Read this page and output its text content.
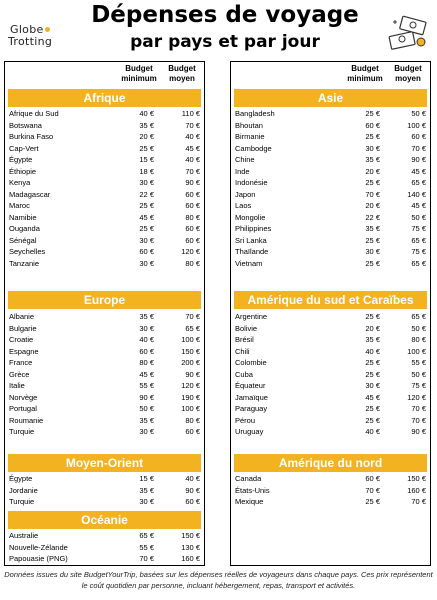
Globe
Trotting
Dépenses de voyage
par pays et par jour
Budget minimum
Budget moyen
Afrique
Afrique du Sud	40 €	110 €
Botswana	35 €	70 €
Burkina Faso	20 €	40 €
Cap-Vert	25 €	45 €
Égypte	15 €	40 €
Éthiopie	18 €	70 €
Kenya	30 €	90 €
Madagascar	22 €	60 €
Maroc	25 €	60 €
Namibie	45 €	80 €
Ouganda	25 €	60 €
Sénégal	30 €	60 €
Seychelles	60 €	120 €
Tanzanie	30 €	80 €
Europe
Albanie	35 €	70 €
Bulgarie	30 €	65 €
Croatie	40 €	100 €
Espagne	60 €	150 €
France	80 €	200 €
Grèce	45 €	90 €
Italie	55 €	120 €
Norvège	90 €	190 €
Portugal	50 €	100 €
Roumanie	35 €	80 €
Turquie	30 €	60 €
Moyen-Orient
Égypte	15 €	40 €
Jordanie	35 €	90 €
Turquie	30 €	60 €
Océanie
Australie	65 €	150 €
Nouvelle-Zélande	55 €	130 €
Papouasie (PNG)	70 €	160 €
Budget minimum
Budget moyen
Asie
Bangladesh	25 €	50 €
Bhoutan	60 €	100 €
Birmanie	25 €	60 €
Cambodge	30 €	70 €
Chine	35 €	90 €
Inde	20 €	45 €
Indonésie	25 €	65 €
Japon	70 €	140 €
Laos	20 €	45 €
Mongolie	22 €	50 €
Philippines	35 €	75 €
Sri Lanka	25 €	65 €
Thaïlande	30 €	75 €
Vietnam	25 €	65 €
Amérique du sud et Caraïbes
Argentine	25 €	65 €
Bolivie	20 €	50 €
Brésil	35 €	80 €
Chili	40 €	100 €
Colombie	25 €	55 €
Cuba	25 €	50 €
Équateur	30 €	75 €
Jamaïque	45 €	120 €
Paraguay	25 €	70 €
Pérou	25 €	70 €
Uruguay	40 €	90 €
Amérique du nord
Canada	60 €	150 €
États-Unis	70 €	160 €
Mexique	25 €	70 €
Données issues du site BudgetYourTrip, basées sur les dépenses réelles de voyageurs dans chaque pays. Ces prix représentent le coût quotidien par personne, incluant hébergement, repas, transport et activités.
